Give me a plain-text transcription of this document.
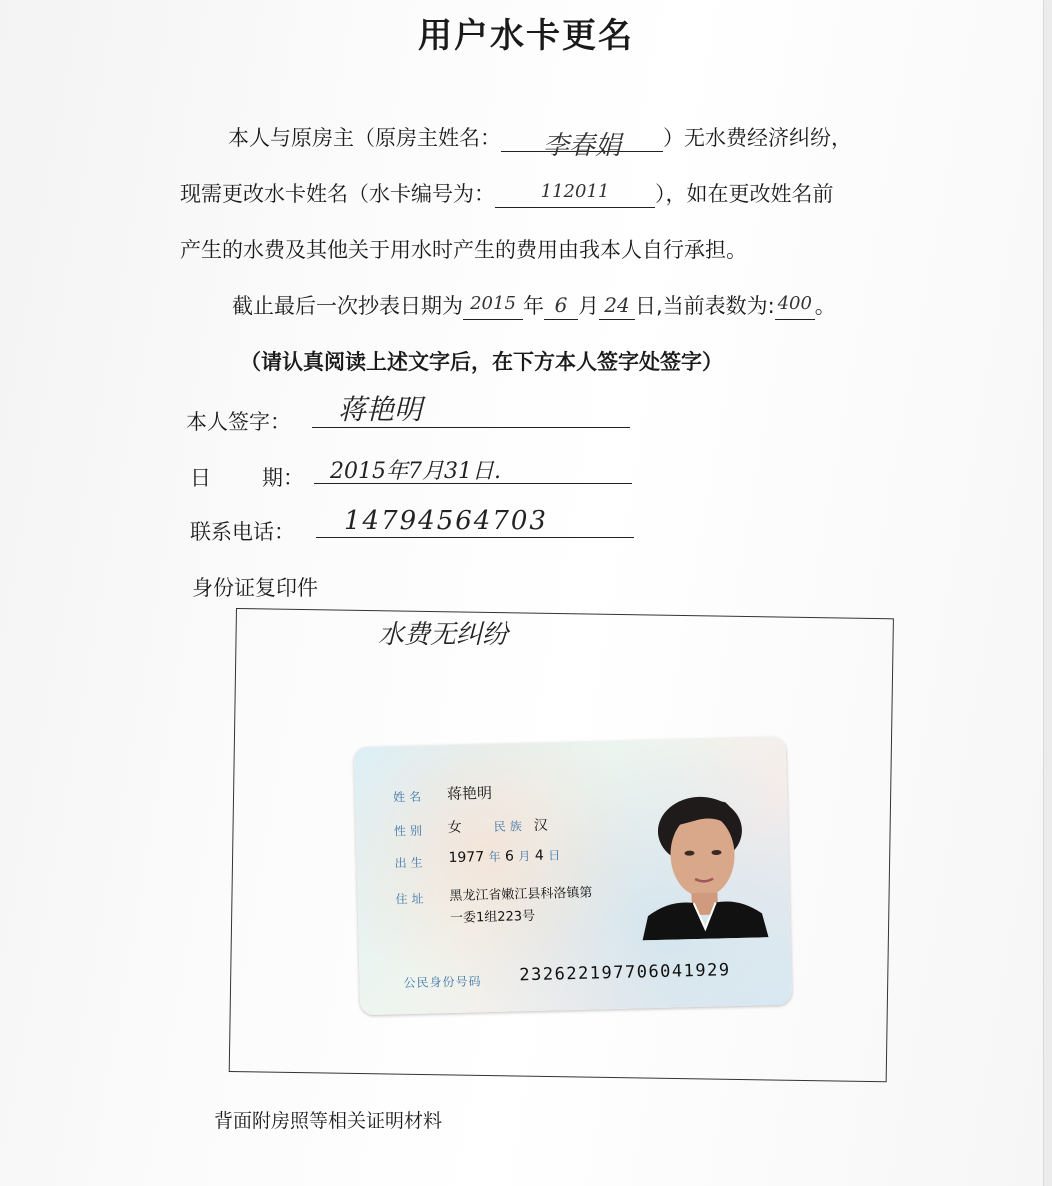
用户水卡更名
本人与原房主（原房主姓名： 李春娟 ）无水费经济纠纷，
现需更改水卡姓名（水卡编号为：	112011 ），如在更改姓名前
产生的水费及其他关于用水时产生的费用由我本人自行承担。
截止最后一次抄表日期为 2015 年 6 月 24 日,当前表数为: 400 。
（请认真阅读上述文字后，在下方本人签字处签字）
本人签字： 蒋艳明
日 期： 2015年7月31日.
联系电话： 14794564703
身份证复印件
水费无纠纷
姓名 蒋艳明
性别 女	民族 汉
出生 1977 年 6 月 4 日
住址 黑龙江省嫩江县科洛镇第
一委1组223号
公民身份号码 232622197706041929
背面附房照等相关证明材料
